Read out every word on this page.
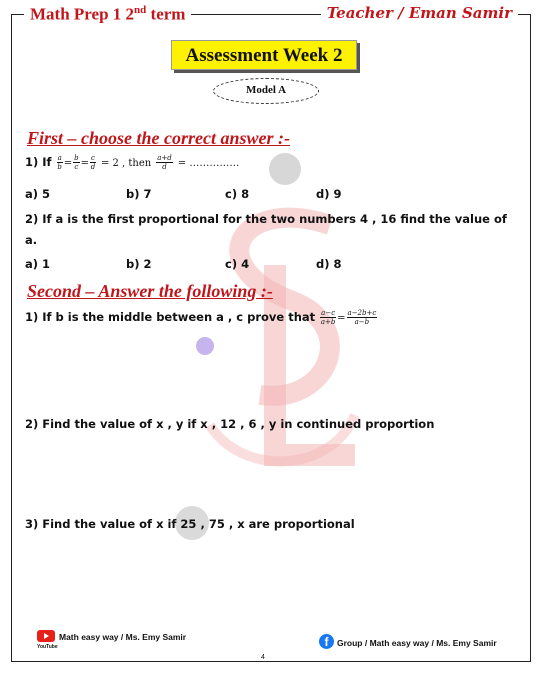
Math Prep 1 2nd term	Teacher / Eman Samir
Assessment Week 2
Model A
First – choose the correct answer :-
1) If $\frac{a}{b} = \frac{b}{c} = \frac{c}{d} = 2$ , then $\frac{a+d}{d}$ = ……………
a) 5	b) 7	c) 8	d) 9
2) If a is the first proportional for the two numbers 4 , 16 find the value of
a.
a) 1	b) 2	c) 4	d) 8
Second – Answer the following :-
1) If b is the middle between a , c prove that $\frac{a-c}{a+b} = \frac{a-2b+c}{a-b}$
2) Find the value of x , y if x , 12 , 6 , y in continued proportion
3) Find the value of x if 25 , 75 , x are proportional
Math easy way / Ms. Emy Samir
YouTube	f	Group / Math easy way / Ms. Emy Samir
4
